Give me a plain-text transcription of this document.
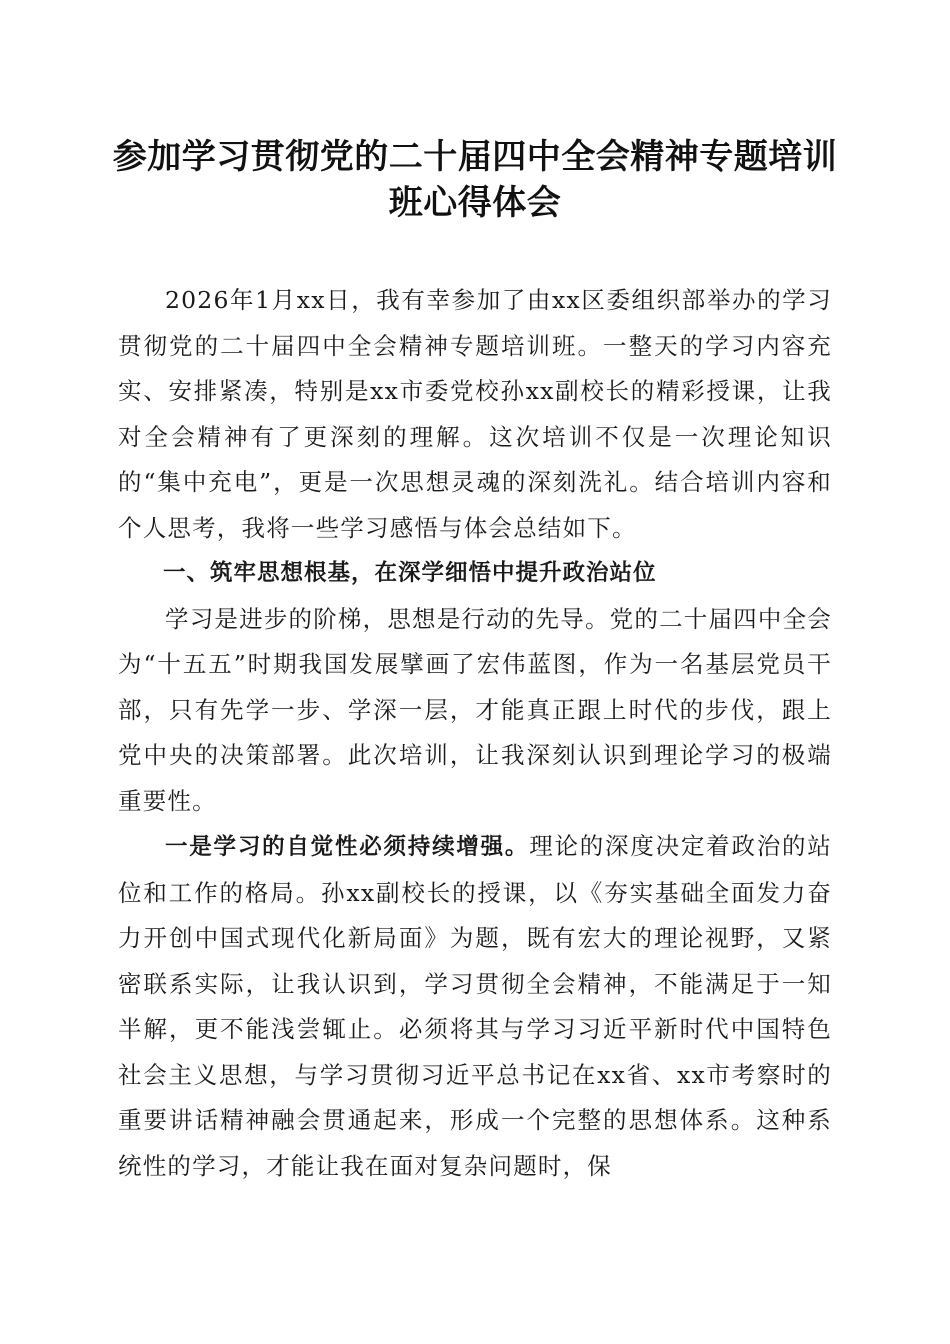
参加学习贯彻党的二十届四中全会精神专题培训班心得体会

2026年1月xx日，我有幸参加了由xx区委组织部举办的学习贯彻党的二十届四中全会精神专题培训班。一整天的学习内容充实、安排紧凑，特别是xx市委党校孙xx副校长的精彩授课，让我对全会精神有了更深刻的理解。这次培训不仅是一次理论知识的“集中充电”，更是一次思想灵魂的深刻洗礼。结合培训内容和个人思考，我将一些学习感悟与体会总结如下。

一、筑牢思想根基，在深学细悟中提升政治站位

学习是进步的阶梯，思想是行动的先导。党的二十届四中全会为“十五五”时期我国发展擘画了宏伟蓝图，作为一名基层党员干部，只有先学一步、学深一层，才能真正跟上时代的步伐，跟上党中央的决策部署。此次培训，让我深刻认识到理论学习的极端重要性。

一是学习的自觉性必须持续增强。理论的深度决定着政治的站位和工作的格局。孙xx副校长的授课，以《夯实基础全面发力奋力开创中国式现代化新局面》为题，既有宏大的理论视野，又紧密联系实际，让我认识到，学习贯彻全会精神，不能满足于一知半解，更不能浅尝辄止。必须将其与学习习近平新时代中国特色社会主义思想，与学习贯彻习近平总书记在xx省、xx市考察时的重要讲话精神融会贯通起来，形成一个完整的思想体系。这种系统性的学习，才能让我在面对复杂问题时，保
